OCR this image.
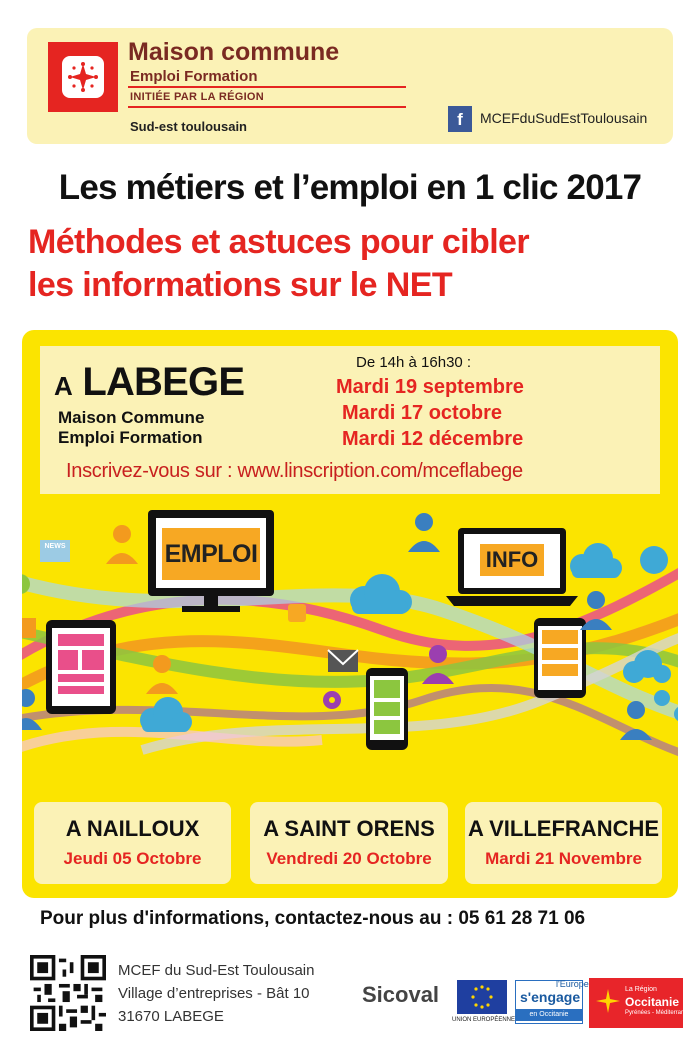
Maison commune
Emploi Formation
INITIÉE PAR LA RÉGION
Sud-est toulousain	f	MCEFduSudEstToulousain
Les métiers et l’emploi en 1 clic 2017
Méthodes et astuces pour cibler
les informations sur le NET
EMPLOI	INFO
NEWS
A LABEGE
Maison Commune
Emploi Formation
De 14h à 16h30 :
Mardi 19 septembre
Mardi 17 octobre
Mardi 12 décembre
Inscrivez-vous sur : www.linscription.com/mceflabege
A NAILLOUX
Jeudi 05 Octobre
A SAINT ORENS
Vendredi 20 Octobre
A VILLEFRANCHE
Mardi 21 Novembre
Pour plus d'informations, contactez-nous au : 05 61 28 71 06
MCEF du Sud-Est Toulousain
Village d’entreprises - Bât 10
31670 LABEGE
Sicoval
UNION EUROPÉENNE
l'Europe
s'engage
en Occitanie
La Région
Occitanie
Pyrénées - Méditerranée
